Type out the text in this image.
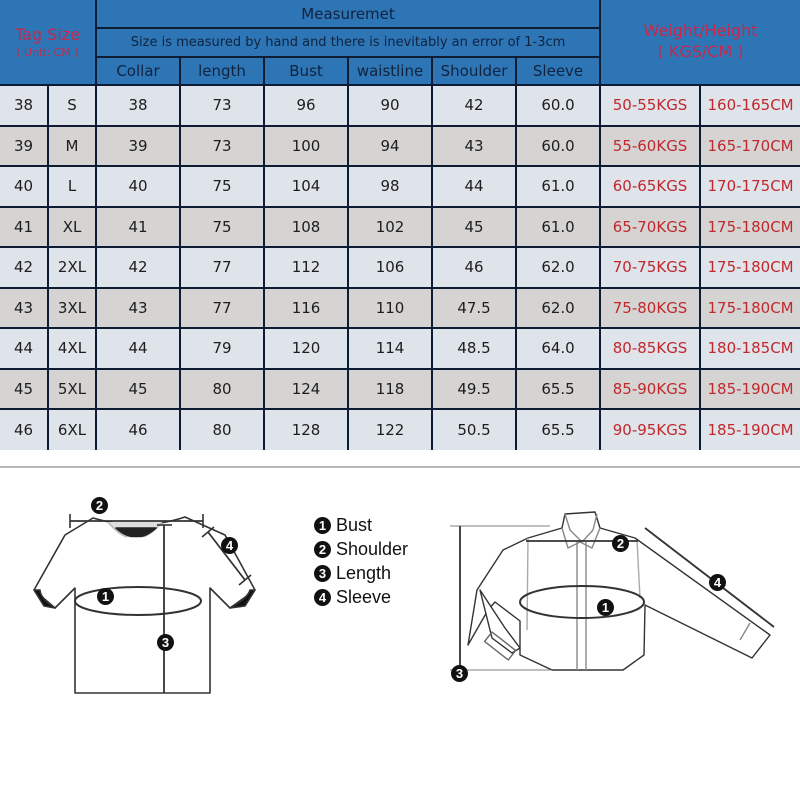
Tag Size
( Unit: CM )		Measuremet						Weight/Height
( KGS/CM )	
		Size is measured by hand and there is inevitably an error of 1-3cm							
		Collar	length	Bust	waistline	Shoulder	Sleeve		
38	S	38	73	96	90	42	60.0	50-55KGS	160-165CM
39	M	39	73	100	94	43	60.0	55-60KGS	165-170CM
40	L	40	75	104	98	44	61.0	60-65KGS	170-175CM
41	XL	41	75	108	102	45	61.0	65-70KGS	175-180CM
42	2XL	42	77	112	106	46	62.0	70-75KGS	175-180CM
43	3XL	43	77	116	110	47.5	62.0	75-80KGS	175-180CM
44	4XL	44	79	120	114	48.5	64.0	80-85KGS	180-185CM
45	5XL	45	80	124	118	49.5	65.5	85-90KGS	185-190CM
46	6XL	46	80	128	122	50.5	65.5	90-95KGS	185-190CM
2
4
1
3
1 Bust
2 Shoulder
3 Length
4 Sleeve
2
4
1
3
